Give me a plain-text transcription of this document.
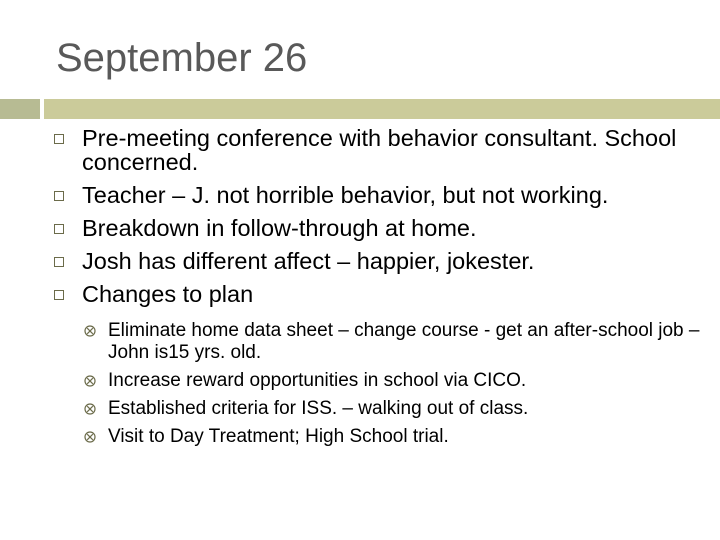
September 26
Pre-meeting conference with behavior consultant. School concerned.
Teacher – J. not horrible behavior, but not working.
Breakdown in follow-through at home.
Josh has different affect – happier, jokester.
Changes to plan
Eliminate home data sheet – change course - get an after-school job – John is15 yrs. old.
Increase reward opportunities in school via CICO.
Established criteria for ISS. – walking out of class.
Visit to Day Treatment; High School trial.
